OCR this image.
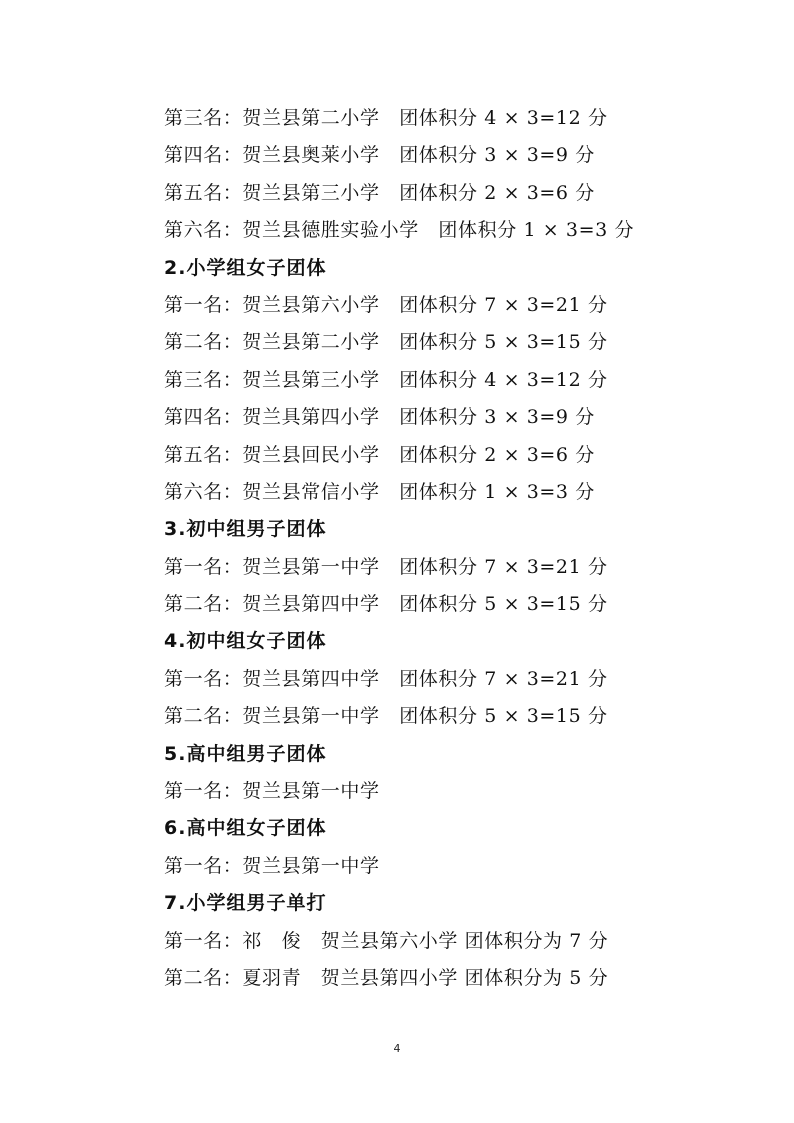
第三名：贺兰县第二小学　团体积分 4 × 3=12 分
第四名：贺兰县奥莱小学　团体积分 3 × 3=9 分
第五名：贺兰县第三小学　团体积分 2 × 3=6 分
第六名：贺兰县德胜实验小学　团体积分 1 × 3=3 分
2.小学组女子团体
第一名：贺兰县第六小学　团体积分 7 × 3=21 分
第二名：贺兰县第二小学　团体积分 5 × 3=15 分
第三名：贺兰县第三小学　团体积分 4 × 3=12 分
第四名：贺兰具第四小学　团体积分 3 × 3=9 分
第五名：贺兰县回民小学　团体积分 2 × 3=6 分
第六名：贺兰县常信小学　团体积分 1 × 3=3 分
3.初中组男子团体
第一名：贺兰县第一中学　团体积分 7 × 3=21 分
第二名：贺兰县第四中学　团体积分 5 × 3=15 分
4.初中组女子团体
第一名：贺兰县第四中学　团体积分 7 × 3=21 分
第二名：贺兰县第一中学　团体积分 5 × 3=15 分
5.高中组男子团体
第一名：贺兰县第一中学
6.高中组女子团体
第一名：贺兰县第一中学
7.小学组男子单打
第一名：祁　俊　贺兰县第六小学 团体积分为 7 分
第二名：夏羽青　贺兰县第四小学 团体积分为 5 分
4
